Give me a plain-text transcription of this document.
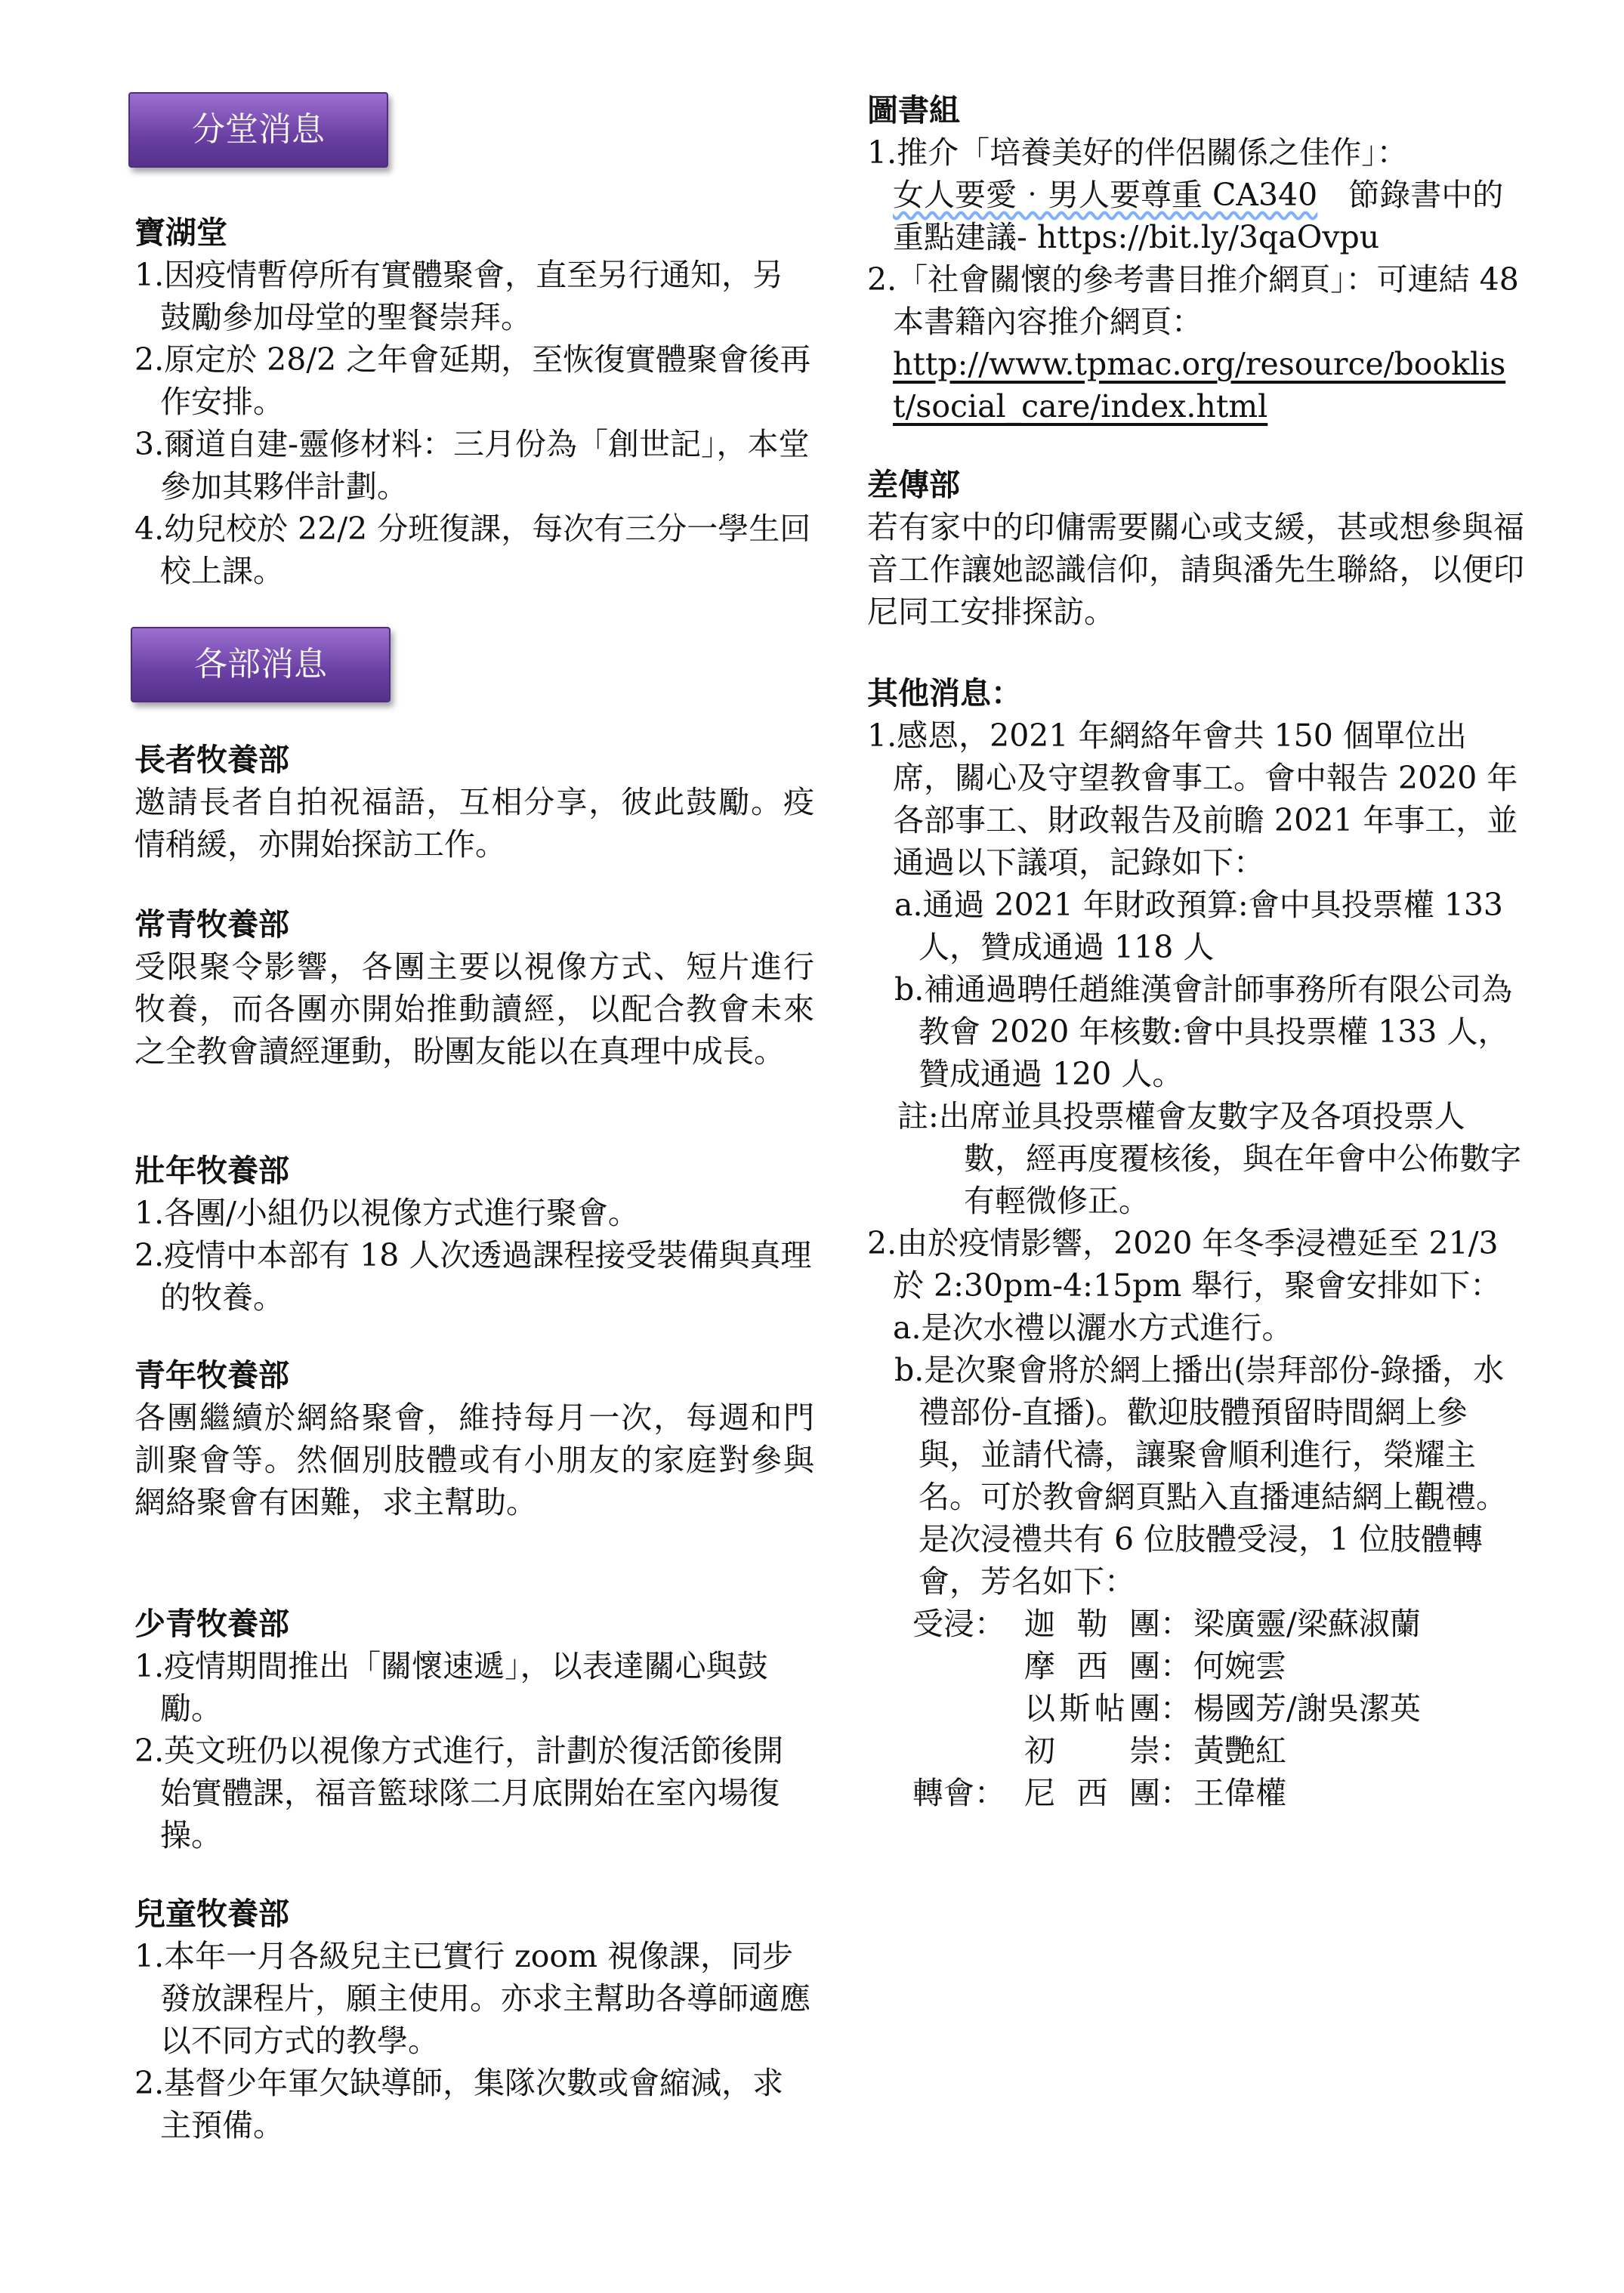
分堂消息
各部消息

寶湖堂

1.因疫情暫停所有實體聚會，直至另行通知，另鼓勵參加母堂的聖餐崇拜。

2.原定於 28/2 之年會延期，至恢復實體聚會後再作安排。

3.爾道自建-靈修材料：三月份為「創世記」，本堂參加其夥伴計劃。

4.幼兒校於 22/2 分班復課，每次有三分一學生回校上課。

長者牧養部

邀請長者自拍祝福語，互相分享，彼此鼓勵。疫情稍緩，亦開始探訪工作。

常青牧養部

受限聚令影響，各團主要以視像方式、短片進行牧養，而各團亦開始推動讀經，以配合教會未來之全教會讀經運動，盼團友能以在真理中成長。

壯年牧養部

1.各團/小組仍以視像方式進行聚會。

2.疫情中本部有 18 人次透過課程接受裝備與真理的牧養。

青年牧養部

各團繼續於網絡聚會，維持每月一次，每週和門訓聚會等。然個別肢體或有小朋友的家庭對參與網絡聚會有困難，求主幫助。

少青牧養部

1.疫情期間推出「關懷速遞」，以表達關心與鼓勵。

2.英文班仍以視像方式進行，計劃於復活節後開始實體課，福音籃球隊二月底開始在室內場復操。

兒童牧養部

1.本年一月各級兒主已實行 zoom 視像課，同步發放課程片，願主使用。亦求主幫助各導師適應以不同方式的教學。

2.基督少年軍欠缺導師，集隊次數或會縮減，求主預備。

圖書組

1.推介「培養美好的伴侶關係之佳作」：
女人要愛‧男人要尊重 CA340　節錄書中的重點建議- https://bit.ly/3qaOvpu

2.「社會關懷的參考書目推介網頁」：可連結 48 本書籍內容推介網頁：
http://www.tpmac.org/resource/booklist/social_care/index.html

差傳部

若有家中的印傭需要關心或支緩，甚或想參與福音工作讓她認識信仰，請與潘先生聯絡，以便印尼同工安排探訪。

其他消息：

1.感恩，2021 年網絡年會共 150 個單位出席，關心及守望教會事工。會中報告 2020 年各部事工、財政報告及前瞻 2021 年事工，並通過以下議項，記錄如下：

a.通過 2021 年財政預算:會中具投票權 133 人，贊成通過 118 人

b.補通過聘任趙維漢會計師事務所有限公司為教會 2020 年核數:會中具投票權 133 人，贊成通過 120 人。

註:出席並具投票權會友數字及各項投票人數，經再度覆核後，與在年會中公佈數字有輕微修正。

2.由於疫情影響，2020 年冬季浸禮延至 21/3 於 2:30pm-4:15pm 舉行，聚會安排如下：a.是次水禮以灑水方式進行。

b.是次聚會將於網上播出(崇拜部份-錄播，水禮部份-直播)。歡迎肢體預留時間網上參與，並請代禱，讓聚會順利進行，榮耀主名。可於教會網頁點入直播連結網上觀禮。

是次浸禮共有 6 位肢體受浸，1 位肢體轉會，芳名如下：

受浸：	迦勒團	：	梁廣靈/梁蘇淑蘭
	摩西團	：	何婉雲
	以斯帖團	：	楊國芳/謝吳潔英
	初崇	：	黃艷紅
轉會：	尼西團	：	王偉權
